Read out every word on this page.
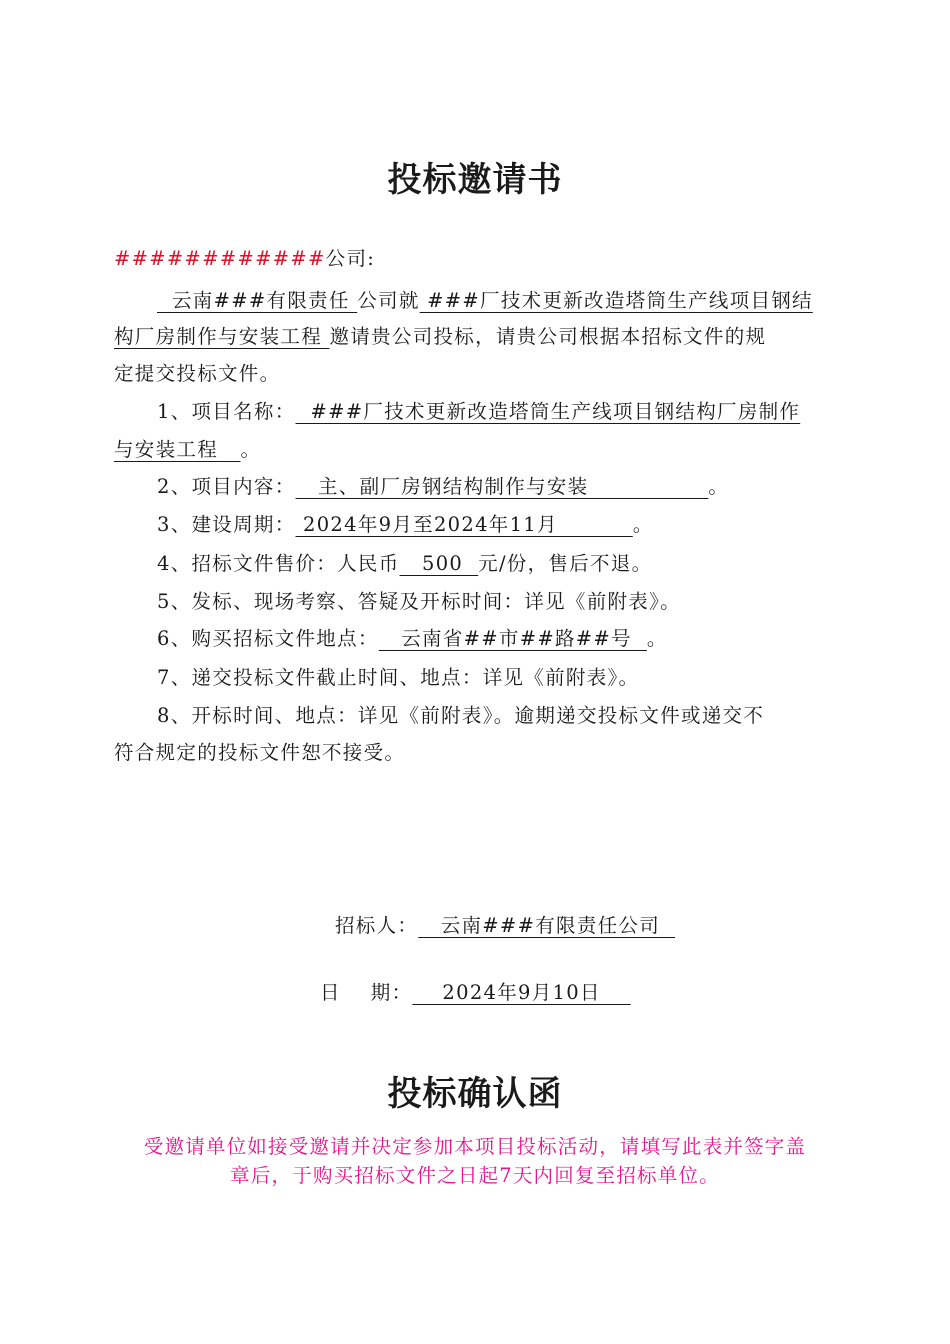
投标邀请书
############公司:
云南###有限责任 公司就 ###厂技术更新改造塔筒生产线项目钢结
构厂房制作与安装工程 邀请贵公司投标，请贵公司根据本招标文件的规
定提交投标文件。
1、项目名称：  ###厂技术更新改造塔筒生产线项目钢结构厂房制作
与安装工程   。
2、项目内容：   主、副厂房钢结构制作与安装                。
3、建设周期： 2024年9月至2024年11月          。
4、招标文件售价：人民币   500  元/份，售后不退。
5、发标、现场考察、答疑及开标时间：详见《前附表》。
6、购买招标文件地点：   云南省##市##路##号  。
7、递交投标文件截止时间、地点：详见《前附表》。
8、开标时间、地点：详见《前附表》。逾期递交投标文件或递交不
符合规定的投标文件恕不接受。

招标人：   云南###有限责任公司

日    期：    2024年9月10日

投标确认函
受邀请单位如接受邀请并决定参加本项目投标活动，请填写此表并签字盖
章后，于购买招标文件之日起7天内回复至招标单位。
